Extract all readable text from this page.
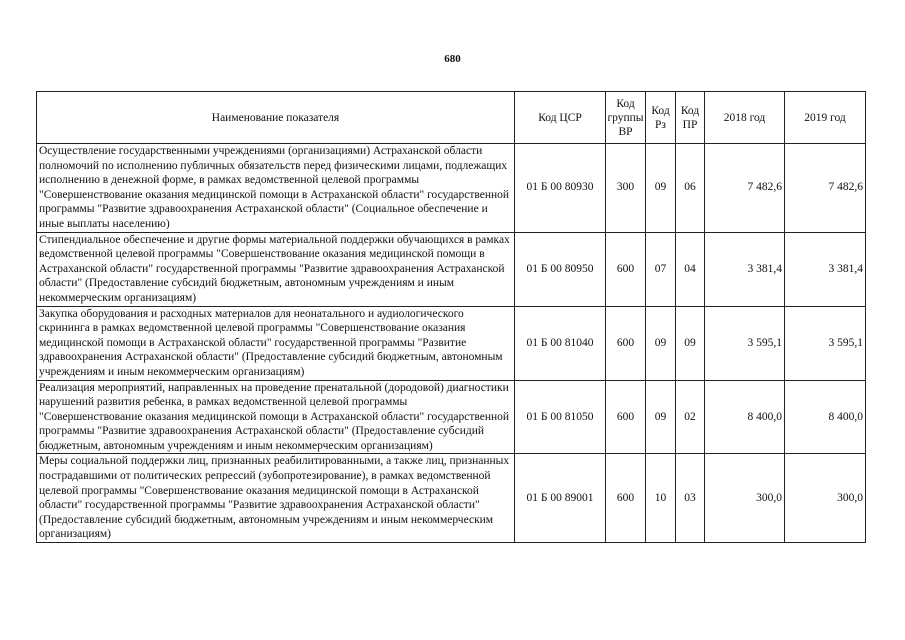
680
Наименование показателя	Код ЦСР	Код группы ВР	Код Рз	Код ПР	2018 год	2019 год
Осуществление государственными учреждениями (организациями) Астраханской области полномочий по исполнению публичных обязательств перед физическими лицами, подлежащих исполнению в денежной форме, в рамках ведомственной целевой программы "Совершенствование оказания медицинской помощи в Астраханской области" государственной программы "Развитие здравоохранения Астраханской области" (Социальное обеспечение и иные выплаты населению)	01 Б 00 80930	300	09	06	7 482,6	7 482,6
Стипендиальное обеспечение и другие формы материальной поддержки обучающихся в рамках ведомственной целевой программы "Совершенствование оказания медицинской помощи в Астраханской области" государственной программы "Развитие здравоохранения Астраханской области" (Предоставление субсидий бюджетным, автономным учреждениям и иным некоммерческим организациям)	01 Б 00 80950	600	07	04	3 381,4	3 381,4
Закупка оборудования и расходных материалов для неонатального и аудиологического скрининга в рамках ведомственной целевой программы "Совершенствование оказания медицинской помощи в Астраханской области" государственной программы "Развитие здравоохранения Астраханской области" (Предоставление субсидий бюджетным, автономным учреждениям и иным некоммерческим организациям)	01 Б 00 81040	600	09	09	3 595,1	3 595,1
Реализация мероприятий, направленных на проведение пренатальной (дородовой) диагностики нарушений развития ребенка, в рамках ведомственной целевой программы "Совершенствование оказания медицинской помощи в Астраханской области" государственной программы "Развитие здравоохранения Астраханской области" (Предоставление субсидий бюджетным, автономным учреждениям и иным некоммерческим организациям)	01 Б 00 81050	600	09	02	8 400,0	8 400,0
Меры социальной поддержки лиц, признанных реабилитированными, а также лиц, признанных пострадавшими от политических репрессий (зубопротезирование), в рамках ведомственной целевой программы "Совершенствование оказания медицинской помощи в Астраханской области" государственной программы "Развитие здравоохранения Астраханской области" (Предоставление субсидий бюджетным, автономным учреждениям и иным некоммерческим организациям)	01 Б 00 89001	600	10	03	300,0	300,0
